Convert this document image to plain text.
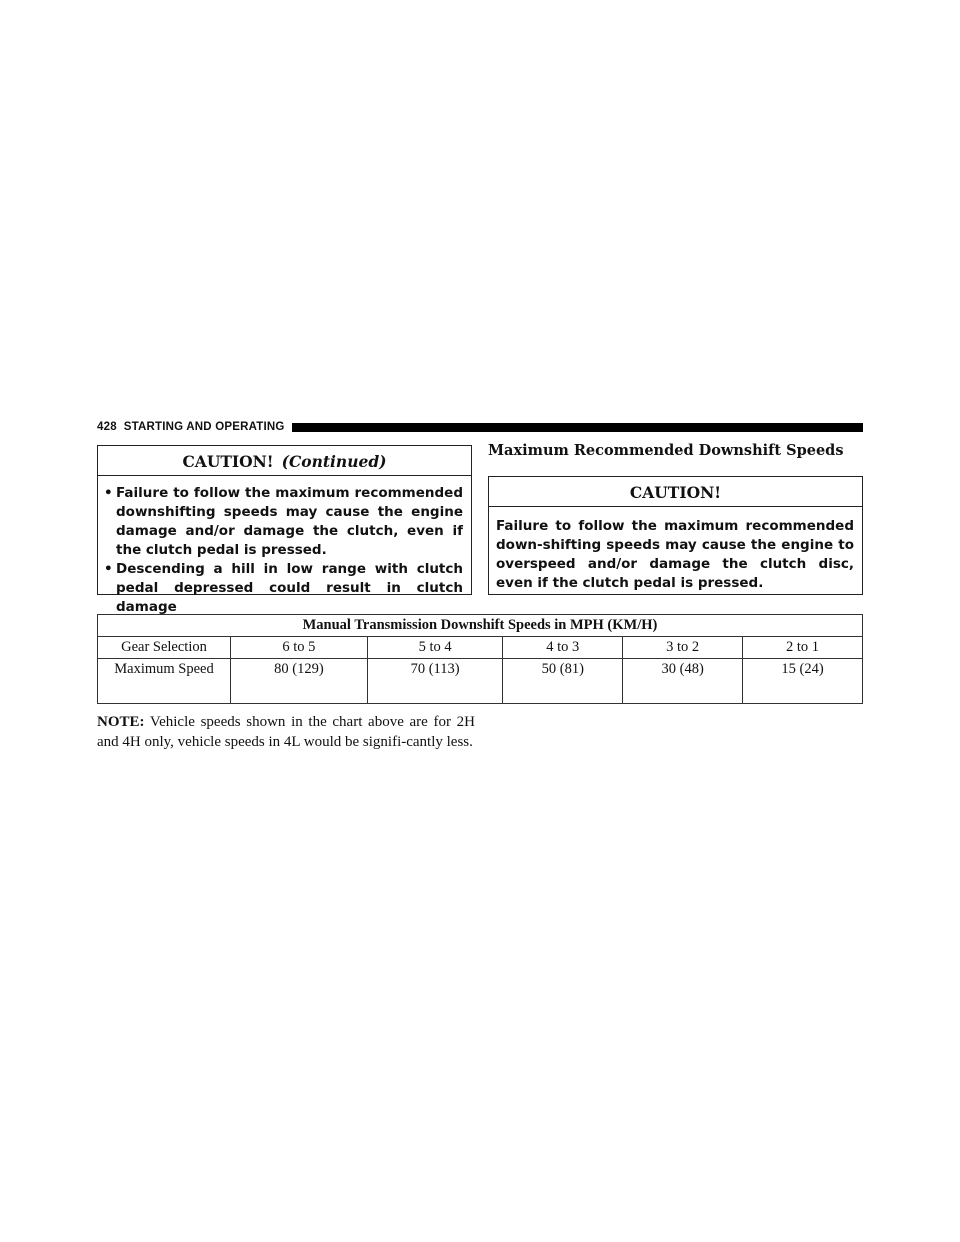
428 STARTING AND OPERATING
CAUTION! (Continued)
• Failure to follow the maximum recommended downshifting speeds may cause the engine damage and/or damage the clutch, even if the clutch pedal is pressed.
• Descending a hill in low range with clutch pedal depressed could result in clutch damage
Maximum Recommended Downshift Speeds
CAUTION!
Failure to follow the maximum recommended down-shifting speeds may cause the engine to overspeed and/or damage the clutch disc, even if the clutch pedal is pressed.
Manual Transmission Downshift Speeds in MPH (KM/H)					
Gear Selection	6 to 5	5 to 4	4 to 3	3 to 2	2 to 1
Maximum Speed	80 (129)	70 (113)	50 (81)	30 (48)	15 (24)
NOTE: Vehicle speeds shown in the chart above are for 2H and 4H only, vehicle speeds in 4L would be signifi-cantly less.
